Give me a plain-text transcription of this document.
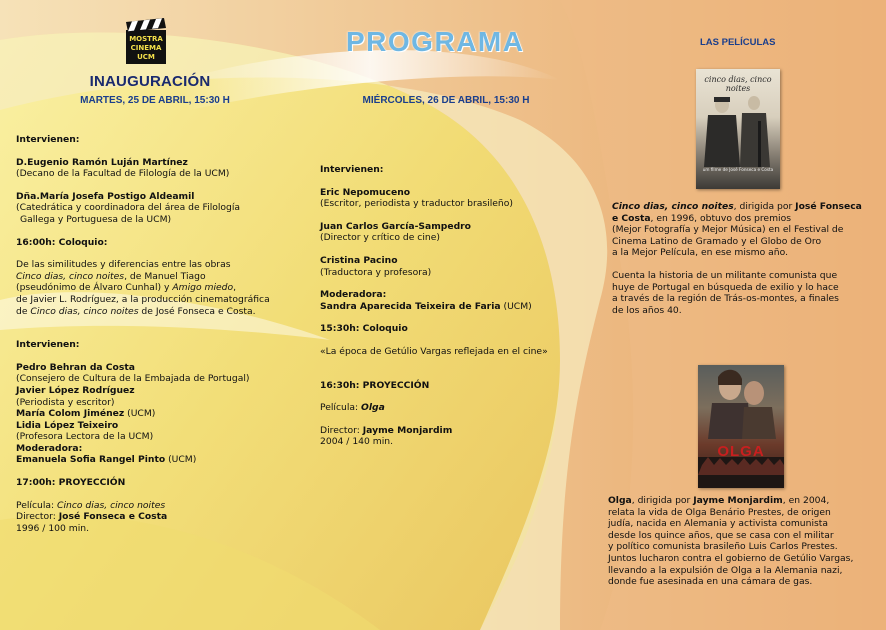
MOSTRA
CINEMA
UCM
INAUGURACIÓN
MARTES, 25 DE ABRIL, 15:30 H
Intervienen:
D.Eugenio Ramón Luján Martínez
(Decano de la Facultad de Filología de la UCM)
Dña.María Josefa Postigo Aldeamil
(Catedrática y coordinadora del área de Filología
Gallega y Portuguesa de la UCM)
16:00h: Coloquio:
De las similitudes y diferencias entre las obras
Cinco dias, cinco noites, de Manuel Tiago
(pseudónimo de Álvaro Cunhal) y Amigo miedo,
de Javier L. Rodríguez, a la producción cinematográfica
de Cinco dias, cinco noites de José Fonseca e Costa.
Intervienen:
Pedro Behran da Costa
(Consejero de Cultura de la Embajada de Portugal)
Javier López Rodríguez
(Periodista y escritor)
María Colom Jiménez (UCM)
Lidia López Teixeiro
(Profesora Lectora de la UCM)
Moderadora:
Emanuela Sofia Rangel Pinto (UCM)
17:00h: PROYECCIÓN
Película: Cinco dias, cinco noites
Director: José Fonseca e Costa
1996 / 100 min.
PROGRAMA
MIÉRCOLES, 26 DE ABRIL, 15:30 H
Intervienen:
Eric Nepomuceno
(Escritor, periodista y traductor brasileño)
Juan Carlos García-Sampedro
(Director y crítico de cine)
Cristina Pacino
(Traductora y profesora)
Moderadora:
Sandra Aparecida Teixeira de Faria (UCM)
15:30h: Coloquio
«La época de Getúlio Vargas reflejada en el cine»
16:30h: PROYECCIÓN
Película: Olga
Director: Jayme Monjardim
2004 / 140 min.
LAS PELÍCULAS
cinco dias, cinco noites
um filme de José Fonseca e Costa
Cinco dias, cinco noites, dirigida por José Fonseca
e Costa, en 1996, obtuvo dos premios
(Mejor Fotografía y Mejor Música) en el Festival de
Cinema Latino de Gramado y el Globo de Oro
a la Mejor Película, en ese mismo año.
Cuenta la historia de un militante comunista que
huye de Portugal en búsqueda de exilio y lo hace
a través de la región de Trás-os-montes, a finales
de los años 40.
OLGA
Olga, dirigida por Jayme Monjardim, en 2004,
relata la vida de Olga Benário Prestes, de origen
judía, nacida en Alemania y activista comunista
desde los quince años, que se casa con el militar
y político comunista brasileño Luis Carlos Prestes.
Juntos lucharon contra el gobierno de Getúlio Vargas,
llevando a la expulsión de Olga a la Alemania nazi,
donde fue asesinada en una cámara de gas.
